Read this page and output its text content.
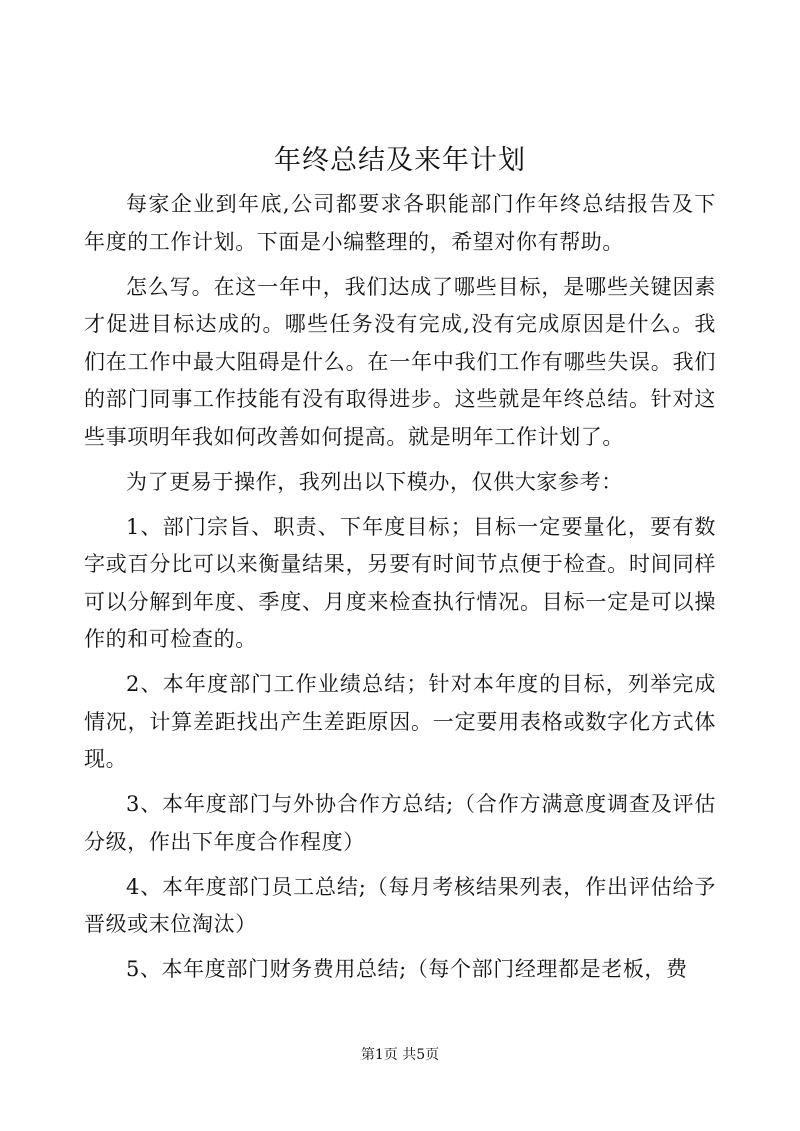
年终总结及来年计划

每家企业到年底,公司都要求各职能部门作年终总结报告及下年度的工作计划。下面是小编整理的，希望对你有帮助。

怎么写。在这一年中，我们达成了哪些目标，是哪些关键因素才促进目标达成的。哪些任务没有完成,没有完成原因是什么。我们在工作中最大阻碍是什么。在一年中我们工作有哪些失误。我们的部门同事工作技能有没有取得进步。这些就是年终总结。针对这些事项明年我如何改善如何提高。就是明年工作计划了。

为了更易于操作，我列出以下模办，仅供大家参考：

1、部门宗旨、职责、下年度目标；目标一定要量化，要有数字或百分比可以来衡量结果，另要有时间节点便于检查。时间同样可以分解到年度、季度、月度来检查执行情况。目标一定是可以操作的和可检查的。

2、本年度部门工作业绩总结；针对本年度的目标，列举完成情况，计算差距找出产生差距原因。一定要用表格或数字化方式体现。

3、本年度部门与外协合作方总结;（合作方满意度调查及评估分级，作出下年度合作程度）

4、本年度部门员工总结;（每月考核结果列表，作出评估给予晋级或末位淘汰）

5、本年度部门财务费用总结;（每个部门经理都是老板，费

第1页 共5页
